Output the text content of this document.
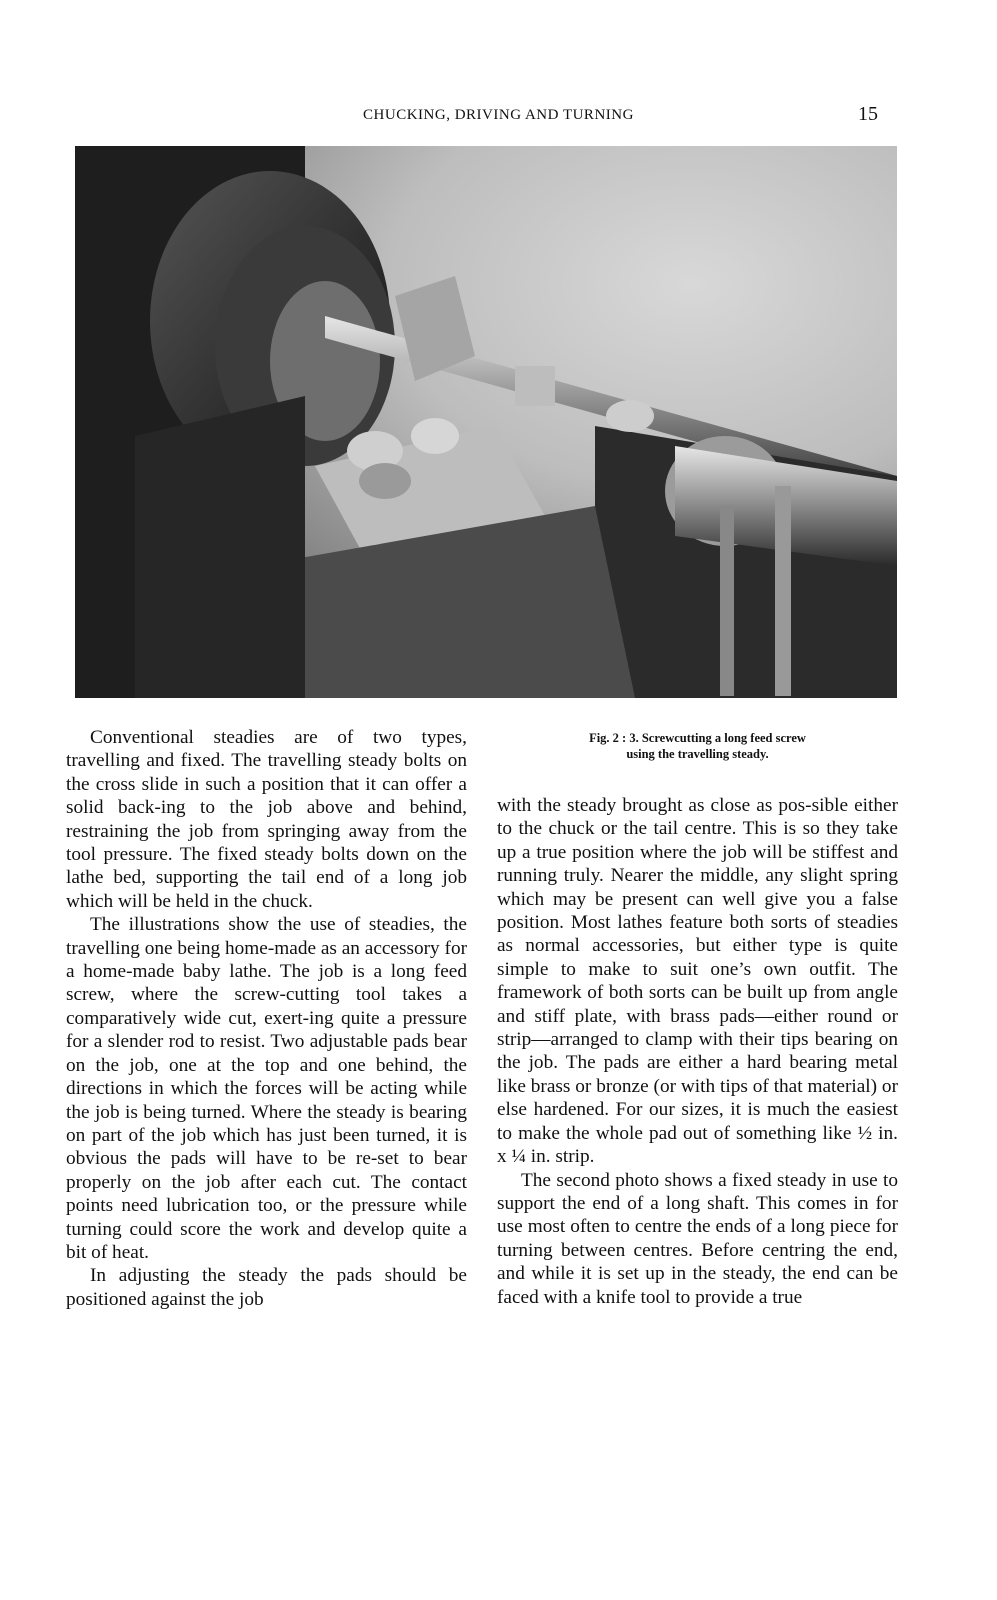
CHUCKING, DRIVING AND TURNING	15

Conventional steadies are of two types, travelling and fixed. The travelling steady bolts on the cross slide in such a position that it can offer a solid back-ing to the job above and behind, restraining the job from springing away from the tool pressure. The fixed steady bolts down on the lathe bed, supporting the tail end of a long job which will be held in the chuck.

The illustrations show the use of steadies, the travelling one being home-made as an accessory for a home-made baby lathe. The job is a long feed screw, where the screw-cutting tool takes a comparatively wide cut, exert-ing quite a pressure for a slender rod to resist. Two adjustable pads bear on the job, one at the top and one behind, the directions in which the forces will be acting while the job is being turned. Where the steady is bearing on part of the job which has just been turned, it is obvious the pads will have to be re-set to bear properly on the job after each cut. The contact points need lubrication too, or the pressure while turning could score the work and develop quite a bit of heat.

In adjusting the steady the pads should be positioned against the job

Fig. 2 : 3. Screwcutting a long feed screw
using the travelling steady.

with the steady brought as close as pos-sible either to the chuck or the tail centre. This is so they take up a true position where the job will be stiffest and running truly. Nearer the middle, any slight spring which may be present can well give you a false position. Most lathes feature both sorts of steadies as normal accessories, but either type is quite simple to make to suit one’s own outfit. The framework of both sorts can be built up from angle and stiff plate, with brass pads—either round or strip—arranged to clamp with their tips bearing on the job. The pads are either a hard bearing metal like brass or bronze (or with tips of that material) or else hardened. For our sizes, it is much the easiest to make the whole pad out of something like ½ in. x ¼ in. strip.

The second photo shows a fixed steady in use to support the end of a long shaft. This comes in for use most often to centre the ends of a long piece for turning between centres. Before centring the end, and while it is set up in the steady, the end can be faced with a knife tool to provide a true
